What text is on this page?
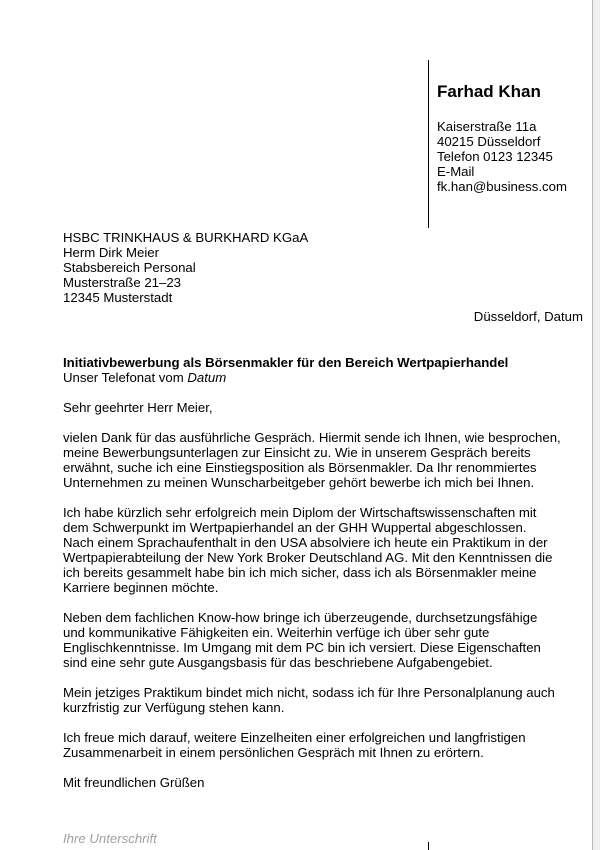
Farhad Khan
Kaiserstraße 11a
40215 Düsseldorf
Telefon 0123 12345
E-Mail
fk.han@business.com
HSBC TRINKHAUS & BURKHARD KGaA
Herm Dirk Meier
Stabsbereich Personal
Musterstraße 21–23
12345 Musterstadt
Düsseldorf, Datum
Initiativbewerbung als Börsenmakler für den Bereich Wertpapierhandel
Unser Telefonat vom Datum
Sehr geehrter Herr Meier,
vielen Dank für das ausführliche Gespräch. Hiermit sende ich Ihnen, wie besprochen,
meine Bewerbungsunterlagen zur Einsicht zu. Wie in unserem Gespräch bereits
erwähnt, suche ich eine Einstiegsposition als Börsenmakler. Da Ihr renommiertes
Unternehmen zu meinen Wunscharbeitgeber gehört bewerbe ich mich bei Ihnen.
Ich habe kürzlich sehr erfolgreich mein Diplom der Wirtschaftswissenschaften mit
dem Schwerpunkt im Wertpapierhandel an der GHH Wuppertal abgeschlossen.
Nach einem Sprachaufenthalt in den USA absolviere ich heute ein Praktikum in der
Wertpapierabteilung der New York Broker Deutschland AG. Mit den Kenntnissen die
ich bereits gesammelt habe bin ich mich sicher, dass ich als Börsenmakler meine
Karriere beginnen möchte.
Neben dem fachlichen Know-how bringe ich überzeugende, durchsetzungsfähige
und kommunikative Fähigkeiten ein. Weiterhin verfüge ich über sehr gute
Englischkenntnisse. Im Umgang mit dem PC bin ich versiert. Diese Eigenschaften
sind eine sehr gute Ausgangsbasis für das beschriebene Aufgabengebiet.
Mein jetziges Praktikum bindet mich nicht, sodass ich für Ihre Personalplanung auch
kurzfristig zur Verfügung stehen kann.
Ich freue mich darauf, weitere Einzelheiten einer erfolgreichen und langfristigen
Zusammenarbeit in einem persönlichen Gespräch mit Ihnen zu erörtern.
Mit freundlichen Grüßen
Ihre Unterschrift
